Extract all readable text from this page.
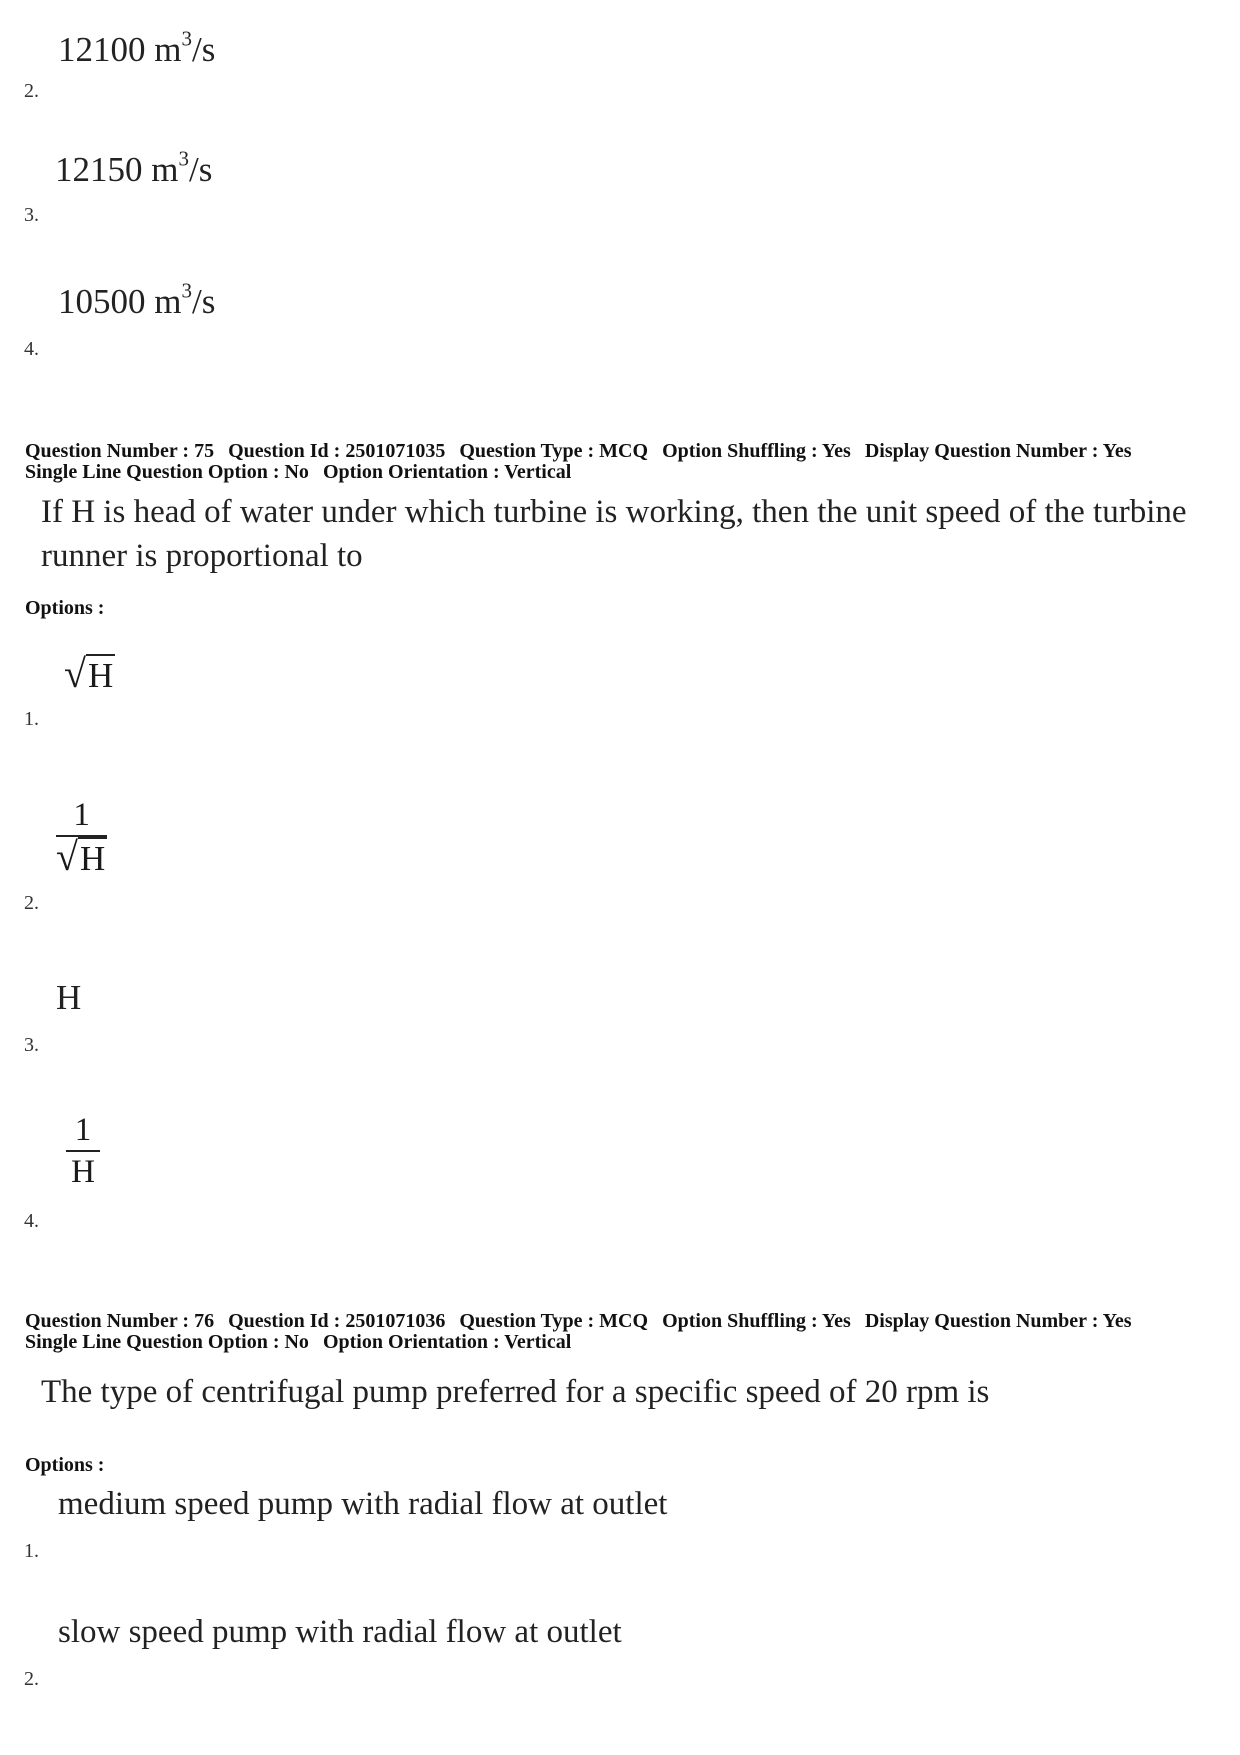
12100 $m^3/s$
2.
12150 $m^3/s$
3.
10500 $m^3/s$
4.
Question Number : 75 Question Id : 2501071035 Question Type : MCQ Option Shuffling : Yes Display Question Number : Yes
Single Line Question Option : No Option Orientation : Vertical
If H is head of water under which turbine is working, then the unit speed of the turbine
runner is proportional to
Options :
√H
1.
$\frac{1}{√H}$
2.
H
3.
$\frac{1}{H}$
4.
Question Number : 76 Question Id : 2501071036 Question Type : MCQ Option Shuffling : Yes Display Question Number : Yes
Single Line Question Option : No Option Orientation : Vertical
The type of centrifugal pump preferred for a specific speed of 20 rpm is
Options :
medium speed pump with radial flow at outlet
1.
slow speed pump with radial flow at outlet
2.
